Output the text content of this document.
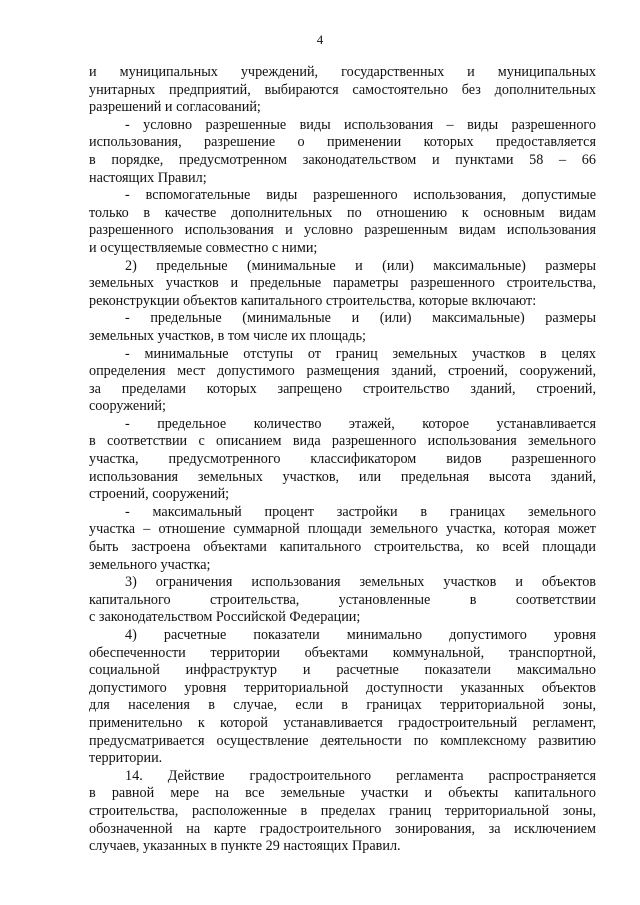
4
и муниципальных учреждений, государственных и муниципальных
унитарных предприятий, выбираются самостоятельно без дополнительных
разрешений и согласований;
- условно разрешенные виды использования – виды разрешенного
использования, разрешение о применении которых предоставляется
в порядке, предусмотренном законодательством и пунктами 58 – 66
настоящих Правил;
- вспомогательные виды разрешенного использования, допустимые
только в качестве дополнительных по отношению к основным видам
разрешенного использования и условно разрешенным видам использования
и осуществляемые совместно с ними;
2) предельные (минимальные и (или) максимальные) размеры
земельных участков и предельные параметры разрешенного строительства,
реконструкции объектов капитального строительства, которые включают:
- предельные (минимальные и (или) максимальные) размеры
земельных участков, в том числе их площадь;
- минимальные отступы от границ земельных участков в целях
определения мест допустимого размещения зданий, строений, сооружений,
за пределами которых запрещено строительство зданий, строений,
сооружений;
- предельное количество этажей, которое устанавливается
в соответствии с описанием вида разрешенного использования земельного
участка, предусмотренного классификатором видов разрешенного
использования земельных участков, или предельная высота зданий,
строений, сооружений;
- максимальный процент застройки в границах земельного
участка – отношение суммарной площади земельного участка, которая может
быть застроена объектами капитального строительства, ко всей площади
земельного участка;
3) ограничения использования земельных участков и объектов
капитального строительства, установленные в соответствии
с законодательством Российской Федерации;
4) расчетные показатели минимально допустимого уровня
обеспеченности территории объектами коммунальной, транспортной,
социальной инфраструктур и расчетные показатели максимально
допустимого уровня территориальной доступности указанных объектов
для населения в случае, если в границах территориальной зоны,
применительно к которой устанавливается градостроительный регламент,
предусматривается осуществление деятельности по комплексному развитию
территории.
14. Действие градостроительного регламента распространяется
в равной мере на все земельные участки и объекты капитального
строительства, расположенные в пределах границ территориальной зоны,
обозначенной на карте градостроительного зонирования, за исключением
случаев, указанных в пункте 29 настоящих Правил.
